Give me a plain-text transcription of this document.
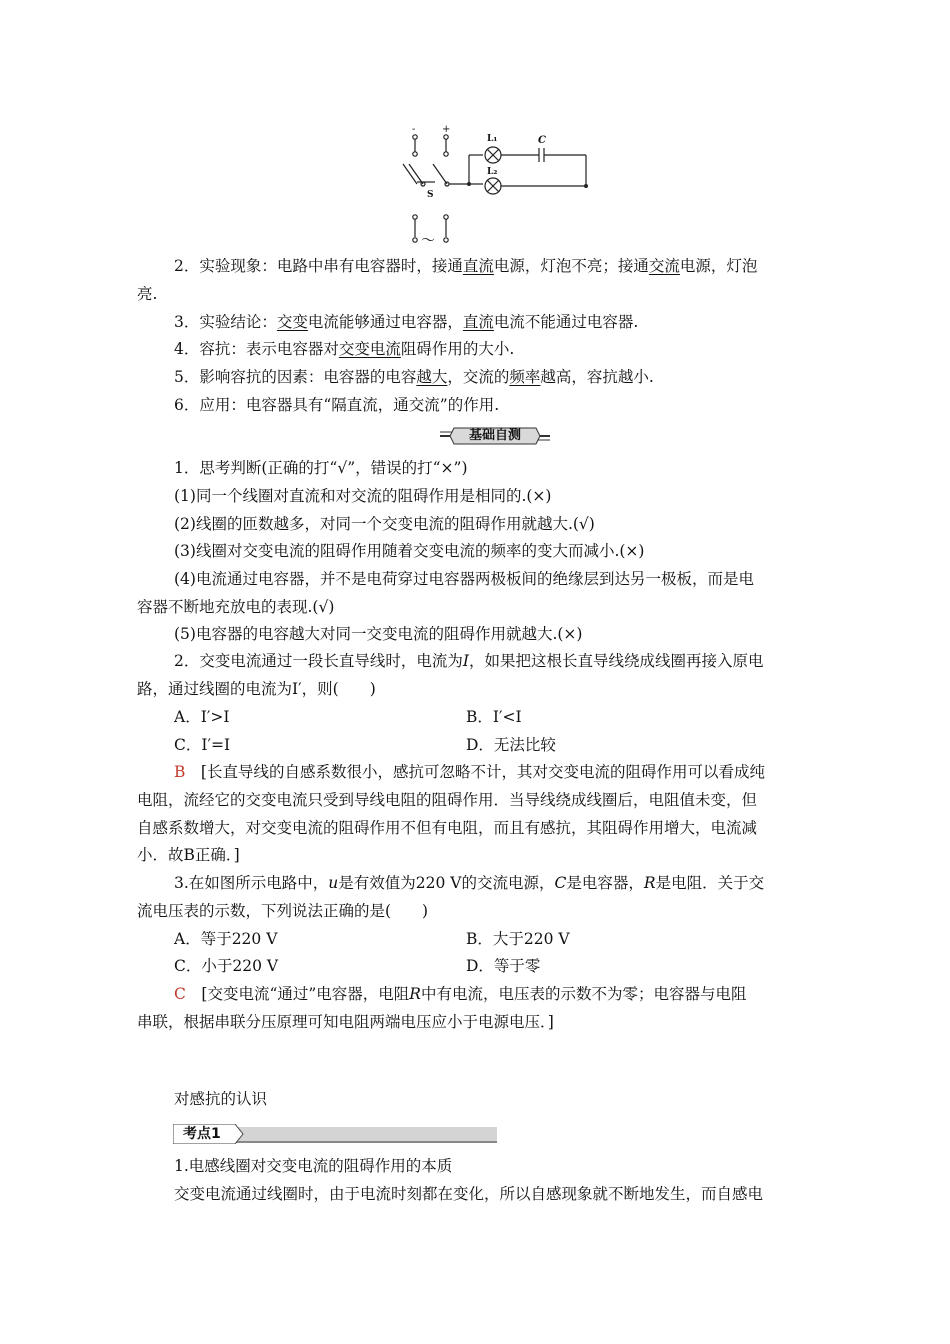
-	+
L₁	C
L₂
S
～
2．实验现象：电路中串有电容器时，接通直流电源，灯泡不亮；接通交流电源，灯泡
亮.
3．实验结论：交变电流能够通过电容器，直流电流不能通过电容器.
4．容抗：表示电容器对交变电流阻碍作用的大小.
5．影响容抗的因素：电容器的电容越大，交流的频率越高，容抗越小.
6．应用：电容器具有“隔直流，通交流”的作用.
基础自测
1．思考判断(正确的打“√”，错误的打“×”)
(1)同一个线圈对直流和对交流的阻碍作用是相同的.(×)
(2)线圈的匝数越多，对同一个交变电流的阻碍作用就越大.(√)
(3)线圈对交变电流的阻碍作用随着交变电流的频率的变大而减小.(×)
(4)电流通过电容器，并不是电荷穿过电容器两极板间的绝缘层到达另一极板，而是电
容器不断地充放电的表现.(√)
(5)电容器的电容越大对同一交变电流的阻碍作用就越大.(×)
2．交变电流通过一段长直导线时，电流为I，如果把这根长直导线绕成线圈再接入原电
路，通过线圈的电流为I′，则(　　)
A．I′>I	B．I′<I
C．I′=I	D．无法比较
B　 [长直导线的自感系数很小，感抗可忽略不计，其对交变电流的阻碍作用可以看成纯
电阻，流经它的交变电流只受到导线电阻的阻碍作用．当导线绕成线圈后，电阻值未变，但
自感系数增大，对交变电流的阻碍作用不但有电阻，而且有感抗，其阻碍作用增大，电流减
小．故B正确．]
3.在如图所示电路中，u是有效值为220 V的交流电源，C是电容器，R是电阻．关于交
流电压表的示数，下列说法正确的是(　　)
A．等于220 V	B．大于220 V
C．小于220 V	D．等于零
C　 [交变电流“通过”电容器，电阻R中有电流，电压表的示数不为零；电容器与电阻
串联，根据串联分压原理可知电阻两端电压应小于电源电压．]
对感抗的认识
考点1
1.电感线圈对交变电流的阻碍作用的本质
交变电流通过线圈时，由于电流时刻都在变化，所以自感现象就不断地发生，而自感电
